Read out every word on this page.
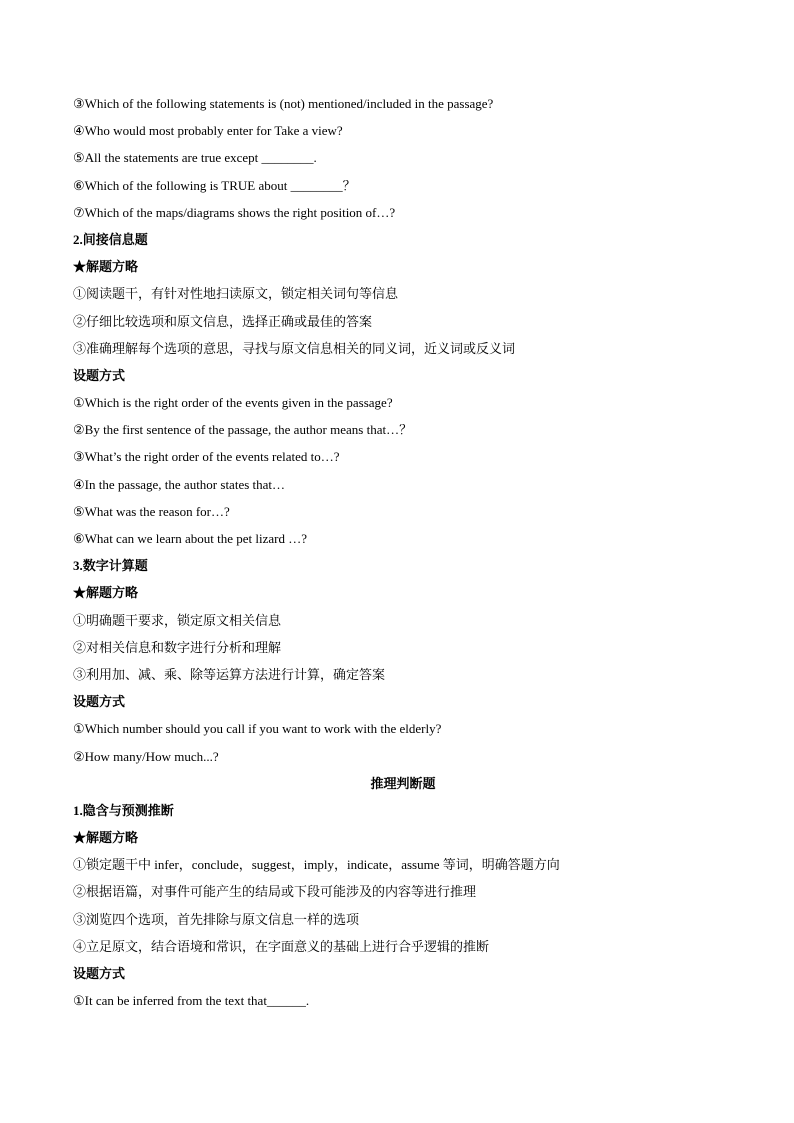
③Which of the following statements is (not) mentioned/included in the passage?
④Who would most probably enter for Take a view?
⑤All the statements are true except ________.
⑥Which of the following is TRUE about ________？
⑦Which of the maps/diagrams shows the right position of…?
2.间接信息题
★解题方略
①阅读题干，有针对性地扫读原文，锁定相关词句等信息
②仔细比较选项和原文信息，选择正确或最佳的答案
③准确理解每个选项的意思，寻找与原文信息相关的同义词，近义词或反义词
设题方式
①Which is the right order of the events given in the passage?
②By the first sentence of the passage, the author means that…？
③What’s the right order of the events related to…?
④In the passage, the author states that…
⑤What was the reason for…?
⑥What can we learn about the pet lizard …?
3.数字计算题
★解题方略
①明确题干要求，锁定原文相关信息
②对相关信息和数字进行分析和理解
③利用加、减、乘、除等运算方法进行计算，确定答案
设题方式
①Which number should you call if you want to work with the elderly?
②How many/How much...?
推理判断题
1.隐含与预测推断
★解题方略
①锁定题干中 infer，conclude，suggest，imply，indicate，assume 等词，明确答题方向
②根据语篇，对事件可能产生的结局或下段可能涉及的内容等进行推理
③浏览四个选项，首先排除与原文信息一样的选项
④立足原文，结合语境和常识，在字面意义的基础上进行合乎逻辑的推断
设题方式
①It can be inferred from the text that______.
